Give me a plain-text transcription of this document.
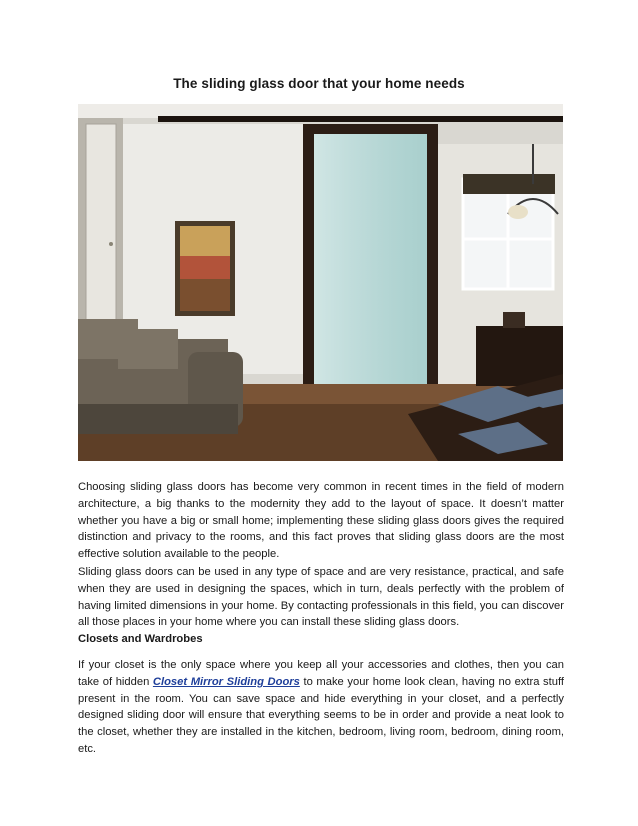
The sliding glass door that your home needs
Choosing sliding glass doors has become very common in recent times in the field of modern architecture, a big thanks to the modernity they add to the layout of space. It doesn’t matter whether you have a big or small home; implementing these sliding glass doors gives the required distinction and privacy to the rooms, and this fact proves that sliding glass doors are the most effective solution available to the people.
Sliding glass doors can be used in any type of space and are very resistance, practical, and safe when they are used in designing the spaces, which in turn, deals perfectly with the problem of having limited dimensions in your home. By contacting professionals in this field, you can discover all those places in your home where you can install these sliding glass doors.
Closets and Wardrobes
If your closet is the only space where you keep all your accessories and clothes, then you can take of hidden Closet Mirror Sliding Doors to make your home look clean, having no extra stuff present in the room. You can save space and hide everything in your closet, and a perfectly designed sliding door will ensure that everything seems to be in order and provide a neat look to the closet, whether they are installed in the kitchen, bedroom, living room, bedroom, dining room, etc.
